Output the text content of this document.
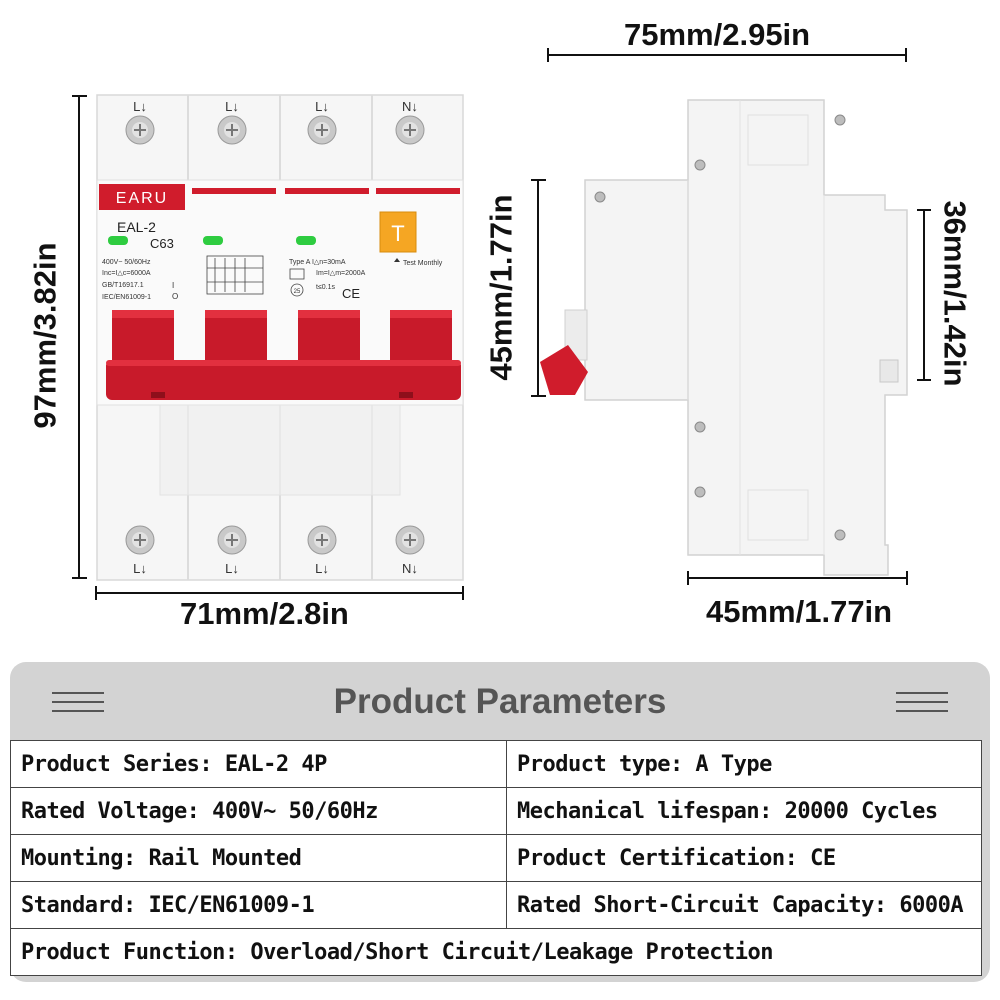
L↓	L↓	L↓	N↓
L↓	L↓	L↓	N↓
EARU
EAL-2
C63
400V~ 50/60Hz
Inc=I△c=6000A
GB/T16917.1
IEC/EN61009-1
I
O
Type A I△n=30mA
Im=I△m=2000A
t≤0.1s
25	CE
T
Test Monthly
97mm/3.82in
71mm/2.8in
75mm/2.95in
45mm/1.77in	36mm/1.42in
45mm/1.77in
Product Parameters
Product Series: EAL-2 4P	Product type: A Type
Rated Voltage: 400V~ 50/60Hz	Mechanical lifespan: 20000 Cycles
Mounting: Rail Mounted	Product Certification: CE
Standard: IEC/EN61009-1	Rated Short-Circuit Capacity: 6000A
Product Function: Overload/Short Circuit/Leakage Protection	
